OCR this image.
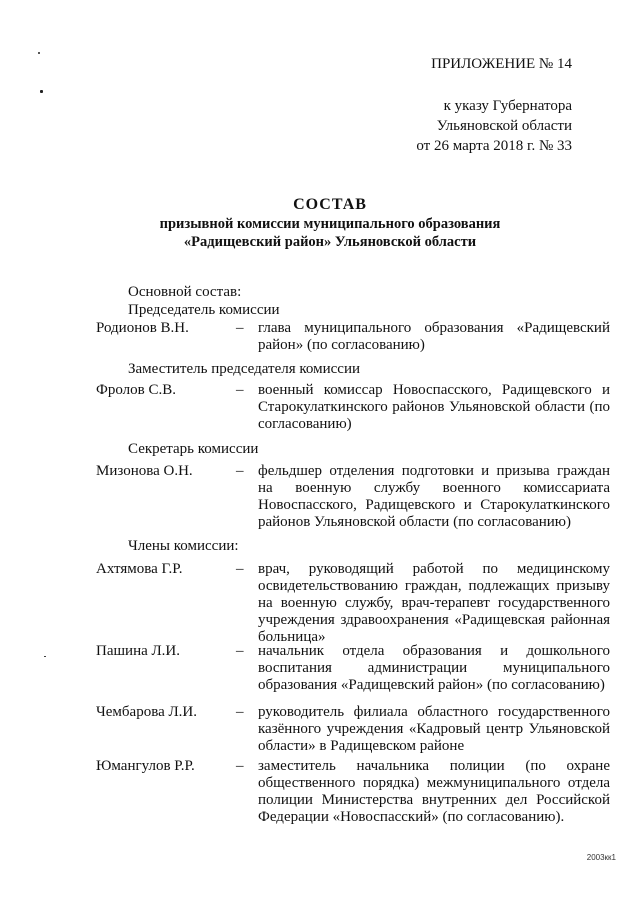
ПРИЛОЖЕНИЕ № 14
к указу Губернатора
Ульяновской области
от 26 марта 2018 г. № 33
СОСТАВ
призывной комиссии муниципального образования
«Радищевский район» Ульяновской области
Основной состав:
Председатель комиссии
Родионов В.Н.	– глава муниципального образования «Радищевский район» (по согласованию)
Заместитель председателя комиссии
Фролов С.В.	– военный комиссар Новоспасского, Радищевского и Старокулаткинского районов Ульяновской области (по согласованию)
Секретарь комиссии
Мизонова О.Н.	– фельдшер отделения подготовки и призыва граждан на военную службу военного комиссариата Новоспасского, Радищевского и Старокулаткинского районов Ульяновской области (по согласованию)
Члены комиссии:
Ахтямова Г.Р.	– врач, руководящий работой по медицинскому освидетельствованию граждан, подлежащих призыву на военную службу, врач-терапевт государственного учреждения здравоохранения «Радищевская районная больница»
Пашина Л.И.	– начальник отдела образования и дошкольного воспитания администрации муниципального образования «Радищевский район» (по согласованию)
Чембарова Л.И.	– руководитель филиала областного государственного казённого учреждения «Кадровый центр Ульяновской области» в Радищевском районе
Юмангулов Р.Р.	– заместитель начальника полиции (по охране общественного порядка) межмуниципального отдела полиции Министерства внутренних дел Российской Федерации «Новоспасский» (по согласованию).
2003кк1
